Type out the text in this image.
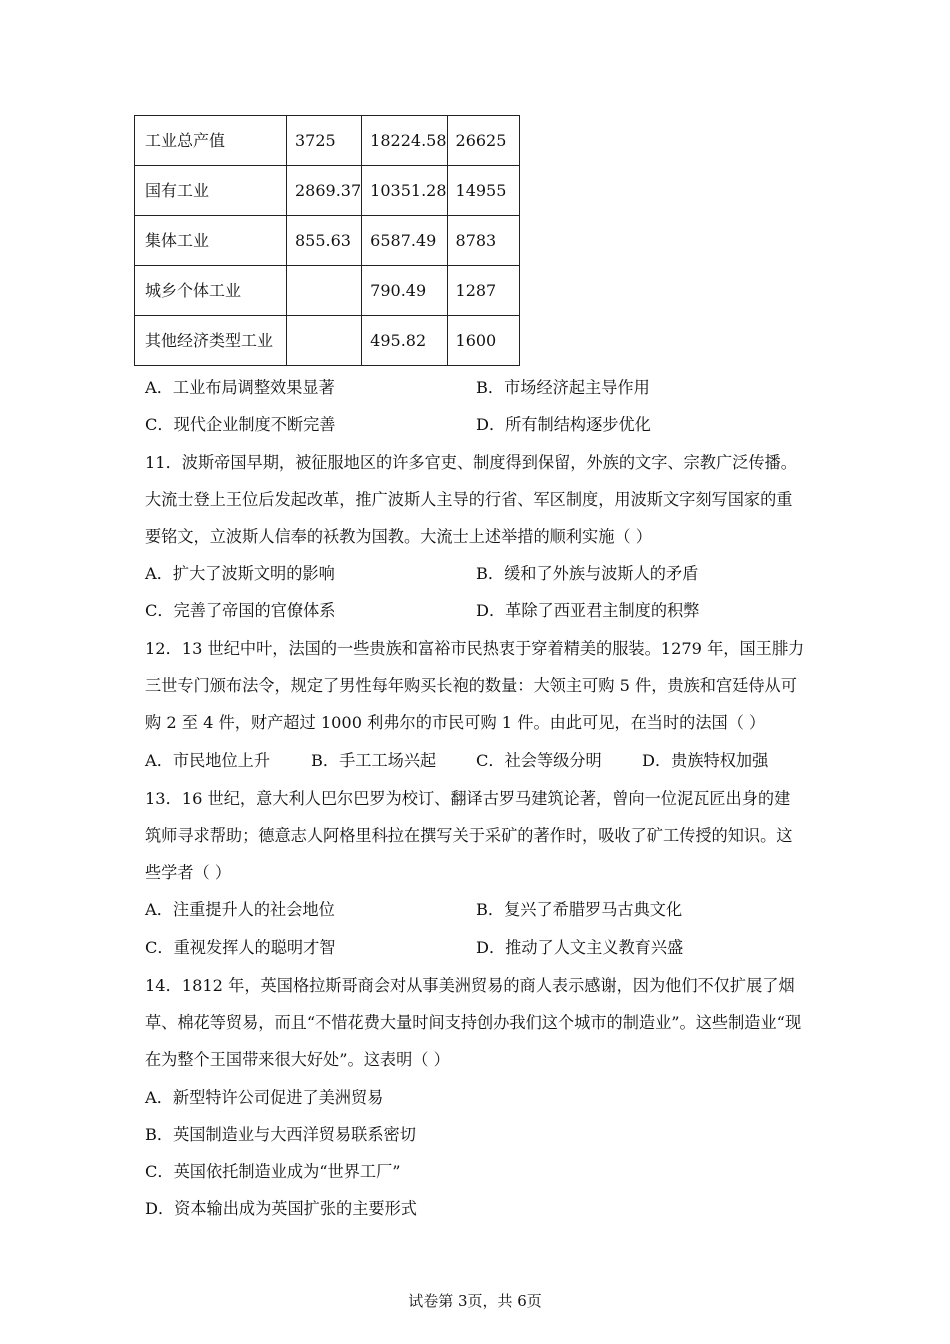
工业总产值	3725	18224.58	26625
国有工业	2869.37	10351.28	14955
集体工业	855.63	6587.49	8783
城乡个体工业		790.49	1287
其他经济类型工业		495.82	1600
A．工业布局调整效果显著	B．市场经济起主导作用
C．现代企业制度不断完善	D．所有制结构逐步优化
11．波斯帝国早期，被征服地区的许多官吏、制度得到保留，外族的文字、宗教广泛传播。
大流士登上王位后发起改革，推广波斯人主导的行省、军区制度，用波斯文字刻写国家的重
要铭文，立波斯人信奉的袄教为国教。大流士上述举措的顺利实施（ ）
A．扩大了波斯文明的影响	B．缓和了外族与波斯人的矛盾
C．完善了帝国的官僚体系	D．革除了西亚君主制度的积弊
12．13 世纪中叶，法国的一些贵族和富裕市民热衷于穿着精美的服装。1279 年，国王腓力
三世专门颁布法令，规定了男性每年购买长袍的数量：大领主可购 5 件，贵族和宫廷侍从可
购 2 至 4 件，财产超过 1000 利弗尔的市民可购 1 件。由此可见，在当时的法国（ ）
A．市民地位上升	B．手工工场兴起 C．社会等级分明 D．贵族特权加强
13．16 世纪，意大利人巴尔巴罗为校订、翻译古罗马建筑论著，曾向一位泥瓦匠出身的建
筑师寻求帮助；德意志人阿格里科拉在撰写关于采矿的著作时，吸收了矿工传授的知识。这
些学者（ ）
A．注重提升人的社会地位	B．复兴了希腊罗马古典文化
C．重视发挥人的聪明才智	D．推动了人文主义教育兴盛
14．1812 年，英国格拉斯哥商会对从事美洲贸易的商人表示感谢，因为他们不仅扩展了烟
草、棉花等贸易，而且“不惜花费大量时间支持创办我们这个城市的制造业”。这些制造业“现
在为整个王国带来很大好处”。这表明（ ）
A．新型特许公司促进了美洲贸易
B．英国制造业与大西洋贸易联系密切
C．英国依托制造业成为“世界工厂”
D．资本输出成为英国扩张的主要形式
试卷第 3页，共 6页
